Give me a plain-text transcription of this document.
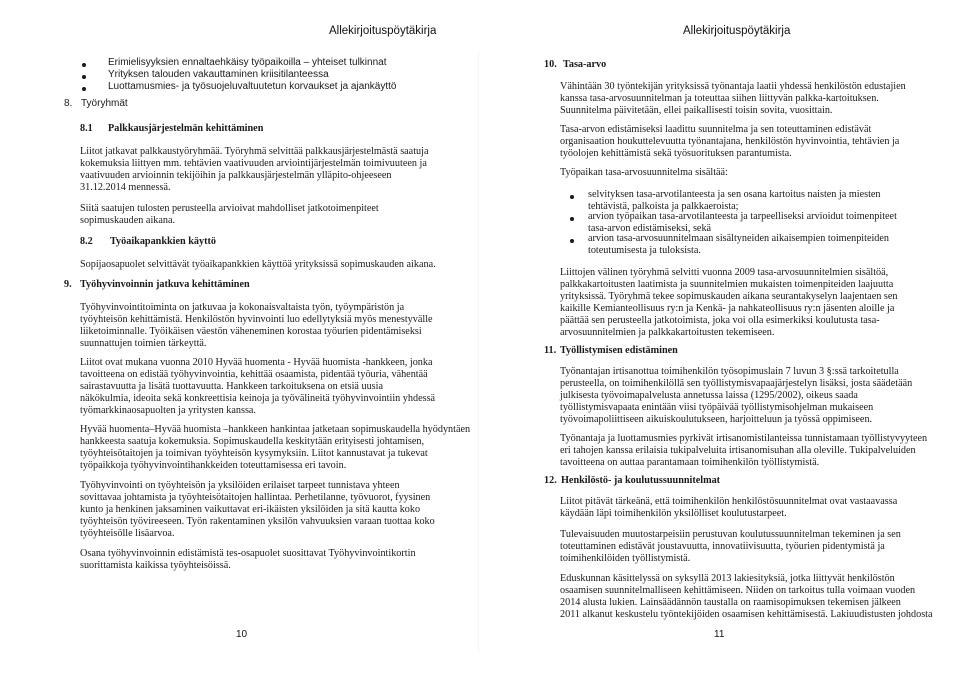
Allekirjoituspöytäkirja
Erimielisyyksien ennaltaehkäisy työpaikoilla – yhteiset tulkinnat
Yrityksen talouden vakauttaminen kriisitilanteessa
Luottamusmies- ja työsuojeluvaltuutetun korvaukset ja ajankäyttö
8. Työryhmät
8.1 Palkkausjärjestelmän kehittäminen
Liitot jatkavat palkkaustyöryhmää. Työryhmä selvittää palkkausjärjestelmästä saatuja
kokemuksia liittyen mm. tehtävien vaativuuden arviointijärjestelmän toimivuuteen ja
vaativuuden arvioinnin tekijöihin ja palkkausjärjestelmän ylläpito-ohjeeseen
31.12.2014 mennessä.
Siitä saatujen tulosten perusteella arvioivat mahdolliset jatkotoimenpiteet
sopimuskauden aikana.
8.2 Työaikapankkien käyttö
Sopijaosapuolet selvittävät työaikapankkien käyttöä yrityksissä sopimuskauden aikana.
9. Työhyvinvoinnin jatkuva kehittäminen
Työhyvinvointitoiminta on jatkuvaa ja kokonaisvaltaista työn, työympäristön ja
työyhteisön kehittämistä. Henkilöstön hyvinvointi luo edellytyksiä myös menestyvälle
liiketoiminnalle. Työikäisen väestön väheneminen korostaa työurien pidentämiseksi
suunnattujen toimien tärkeyttä.
Liitot ovat mukana vuonna 2010 Hyvää huomenta - Hyvää huomista -hankkeen, jonka
tavoitteena on edistää työhyvinvointia, kehittää osaamista, pidentää työuria, vähentää
sairastavuutta ja lisätä tuottavuutta. Hankkeen tarkoituksena on etsiä uusia
näkökulmia, ideoita sekä konkreettisia keinoja ja työvälineitä työhyvinvointiin yhdessä
työmarkkinaosapuolten ja yritysten kanssa.
Hyvää huomenta–Hyvää huomista –hankkeen hankintaa jatketaan sopimuskaudella hyödyntäen
hankkeesta saatuja kokemuksia. Sopimuskaudella keskitytään erityisesti johtamisen,
työyhteisötaitojen ja toimivan työyhteisön kysymyksiin. Liitot kannustavat ja tukevat
työpaikkoja työhyvinvointihankkeiden toteuttamisessa eri tavoin.
Työhyvinvointi on työyhteisön ja yksilöiden erilaiset tarpeet tunnistava yhteen
sovittavaa johtamista ja työyhteisötaitojen hallintaa. Perhetilanne, työvuorot, fyysinen
kunto ja henkinen jaksaminen vaikuttavat eri-ikäisten yksilöiden ja sitä kautta koko
työyhteisön työvireeseen. Työn rakentaminen yksilön vahvuuksien varaan tuottaa koko
työyhteisölle lisäarvoa.
Osana työhyvinvoinnin edistämistä tes-osapuolet suosittavat Työhyvinvointikortin
suorittamista kaikissa työyhteisöissä.
10
Allekirjoituspöytäkirja
10. Tasa-arvo
Vähintään 30 työntekijän yrityksissä työnantaja laatii yhdessä henkilöstön edustajien
kanssa tasa-arvosuunnitelman ja toteuttaa siihen liittyvän palkka-kartoituksen.
Suunnitelma päivitetään, ellei paikallisesti toisin sovita, vuosittain.
Tasa-arvon edistämiseksi laadittu suunnitelma ja sen toteuttaminen edistävät
organisaation houkuttelevuutta työnantajana, henkilöstön hyvinvointia, tehtävien ja
työolojen kehittämistä sekä työsuorituksen parantumista.
Työpaikan tasa-arvosuunnitelma sisältää:
selvityksen tasa-arvotilanteesta ja sen osana kartoitus naisten ja miesten
tehtävistä, palkoista ja palkkaeroista;
arvion työpaikan tasa-arvotilanteesta ja tarpeelliseksi arvioidut toimenpiteet
tasa-arvon edistämiseksi, sekä
arvion tasa-arvosuunnitelmaan sisältyneiden aikaisempien toimenpiteiden
toteutumisesta ja tuloksista.
Liittojen välinen työryhmä selvitti vuonna 2009 tasa-arvosuunnitelmien sisältöä,
palkkakartoitusten laatimista ja suunnitelmien mukaisten toimenpiteiden laajuutta
yrityksissä. Työryhmä tekee sopimuskauden aikana seurantakyselyn laajentaen sen
kaikille Kemianteollisuus ry:n ja Kenkä- ja nahkateollisuus ry:n jäsenten aloille ja
päättää sen perusteella jatkotoimista, joka voi olla esimerkiksi koulutusta tasa-
arvosuunnitelmien ja palkkakartoitusten tekemiseen.
11. Työllistymisen edistäminen
Työnantajan irtisanottua toimihenkilön työsopimuslain 7 luvun 3 §:ssä tarkoitetulla
perusteella, on toimihenkilöllä sen työllistymisvapaajärjestelyn lisäksi, josta säädetään
julkisesta työvoimapalvelusta annetussa laissa (1295/2002), oikeus saada
työllistymisvapaata enintään viisi työpäivää työllistymisohjelman mukaiseen
työvoimapoliittiseen aikuiskoulutukseen, harjoitteluun ja työssä oppimiseen.
Työnantaja ja luottamusmies pyrkivät irtisanomistilanteissa tunnistamaan työllistyvyyteen
eri tahojen kanssa erilaisia tukipalveluita irtisanomisuhan alla oleville. Tukipalveluiden
tavoitteena on auttaa parantamaan toimihenkilön työllistymistä.
12. Henkilöstö- ja koulutussuunnitelmat
Liitot pitävät tärkeänä, että toimihenkilön henkilöstösuunnitelmat ovat vastaavassa
käydään läpi toimihenkilön yksilölliset koulutustarpeet.
Tulevaisuuden muutostarpeisiin perustuvan koulutussuunnitelman tekeminen ja sen
toteuttaminen edistävät joustavuutta, innovatiivisuutta, työurien pidentymistä ja
toimihenkilöiden työllistymistä.
Eduskunnan käsittelyssä on syksyllä 2013 lakiesityksiä, jotka liittyvät henkilöstön
osaamisen suunnitelmalliseen kehittämiseen. Niiden on tarkoitus tulla voimaan vuoden
2014 alusta lukien. Lainsäädännön taustalla on raamisopimuksen tekemisen jälkeen
2011 alkanut keskustelu työntekijöiden osaamisen kehittämisestä. Lakiuudistusten johdosta
11
